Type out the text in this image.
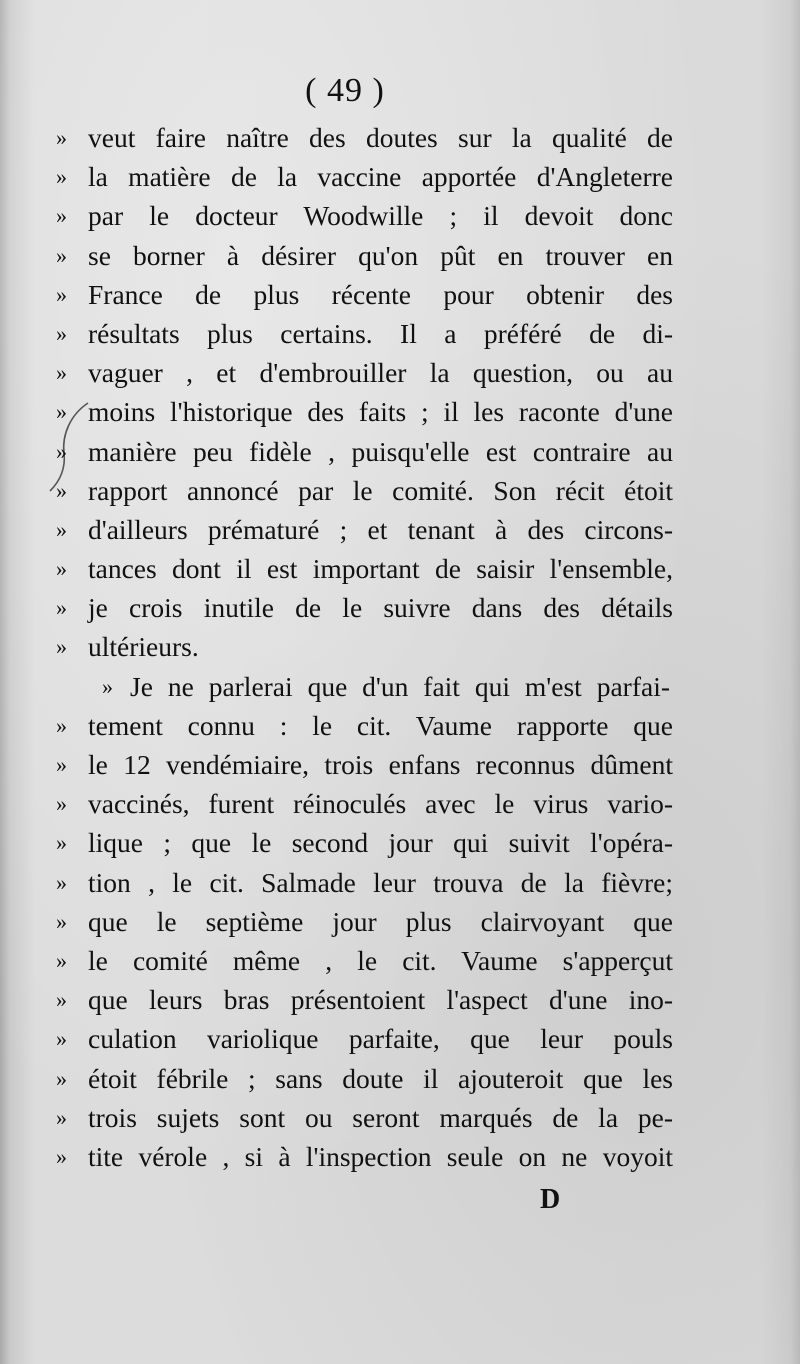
( 49 )
» veut faire naître des doutes sur la qualité de
» la matière de la vaccine apportée d'Angleterre
» par le docteur Woodwille ; il devoit donc
» se borner à désirer qu'on pût en trouver en
» France de plus récente pour obtenir des
» résultats plus certains. Il a préféré de di-
» vaguer , et d'embrouiller la question, ou au
» moins l'historique des faits ; il les raconte d'une
» manière peu fidèle , puisqu'elle est contraire au
» rapport annoncé par le comité. Son récit étoit
» d'ailleurs prématuré ; et tenant à des circons-
» tances dont il est important de saisir l'ensemble,
» je crois inutile de le suivre dans des détails
» ultérieurs.
» Je ne parlerai que d'un fait qui m'est parfai-
» tement connu : le cit. Vaume rapporte que
» le 12 vendémiaire, trois enfans reconnus dûment
» vaccinés, furent réinoculés avec le virus vario-
» lique ; que le second jour qui suivit l'opéra-
» tion , le cit. Salmade leur trouva de la fièvre;
» que le septième jour plus clairvoyant que
» le comité même , le cit. Vaume s'apperçut
» que leurs bras présentoient l'aspect d'une ino-
» culation variolique parfaite, que leur pouls
» étoit fébrile ; sans doute il ajouteroit que les
» trois sujets sont ou seront marqués de la pe-
» tite vérole , si à l'inspection seule on ne voyoit
D
